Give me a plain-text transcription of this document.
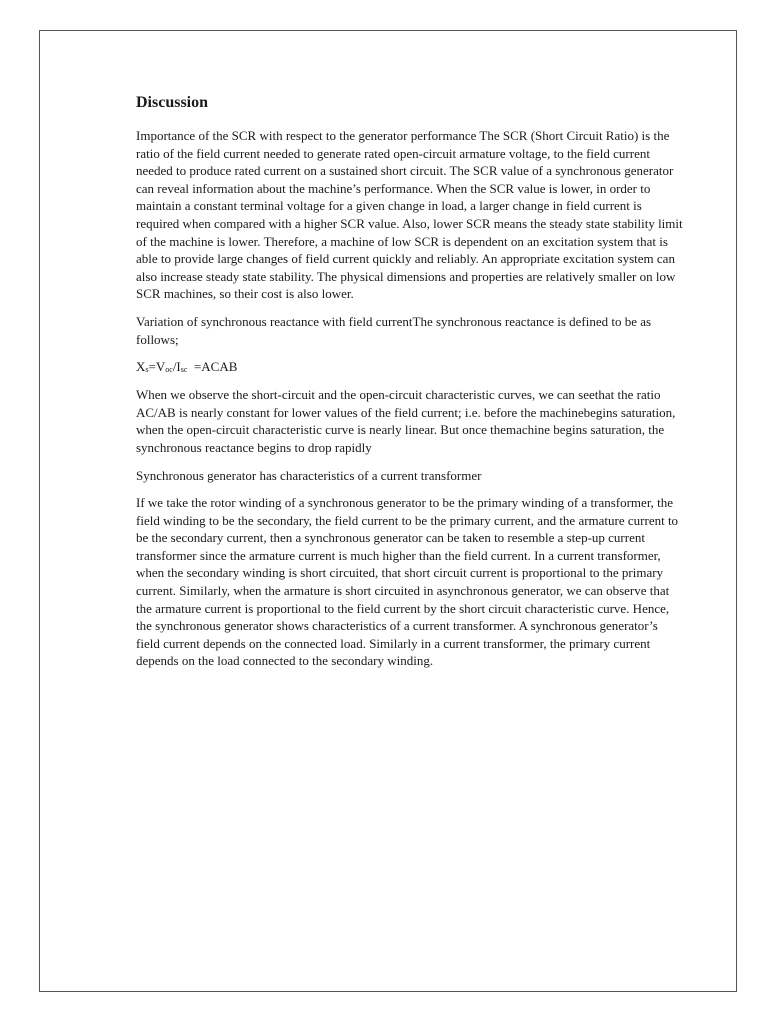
Discussion

Importance of the SCR with respect to the generator performance The SCR (Short Circuit Ratio) is the ratio of the field current needed to generate rated open-circuit armature voltage, to the field current needed to produce rated current on a sustained short circuit. The SCR value of a synchronous generator can reveal information about the machine’s performance. When the SCR value is lower, in order to maintain a constant terminal voltage for a given change in load, a larger change in field current is required when compared with a higher SCR value. Also, lower SCR means the steady state stability limit of the machine is lower. Therefore, a machine of low SCR is dependent on an excitation system that is able to provide large changes of field current quickly and reliably. An appropriate excitation system can also increase steady state stability. The physical dimensions and properties are relatively smaller on low SCR machines, so their cost is also lower.

Variation of synchronous reactance with field currentThe synchronous reactance is defined to be as follows;

$X_s=V_{oc}/I_{sc}$  =ACAB

When we observe the short-circuit and the open-circuit characteristic curves, we can seethat the ratio AC/AB is nearly constant for lower values of the field current; i.e. before the machinebegins saturation, when the open-circuit characteristic curve is nearly linear. But once themachine begins saturation, the synchronous reactance begins to drop rapidly

Synchronous generator has characteristics of a current transformer

If we take the rotor winding of a synchronous generator to be the primary winding of a transformer, the field winding to be the secondary, the field current to be the primary current, and the armature current to be the secondary current, then a synchronous generator can be taken to resemble a step-up current transformer since the armature current is much higher than the field current. In a current transformer, when the secondary winding is short circuited, that short circuit current is proportional to the primary current. Similarly, when the armature is short circuited in asynchronous generator, we can observe that the armature current is proportional to the field current by the short circuit characteristic curve. Hence, the synchronous generator shows characteristics of a current transformer. A synchronous generator’s field current depends on the connected load. Similarly in a current transformer, the primary current depends on the load connected to the secondary winding.
